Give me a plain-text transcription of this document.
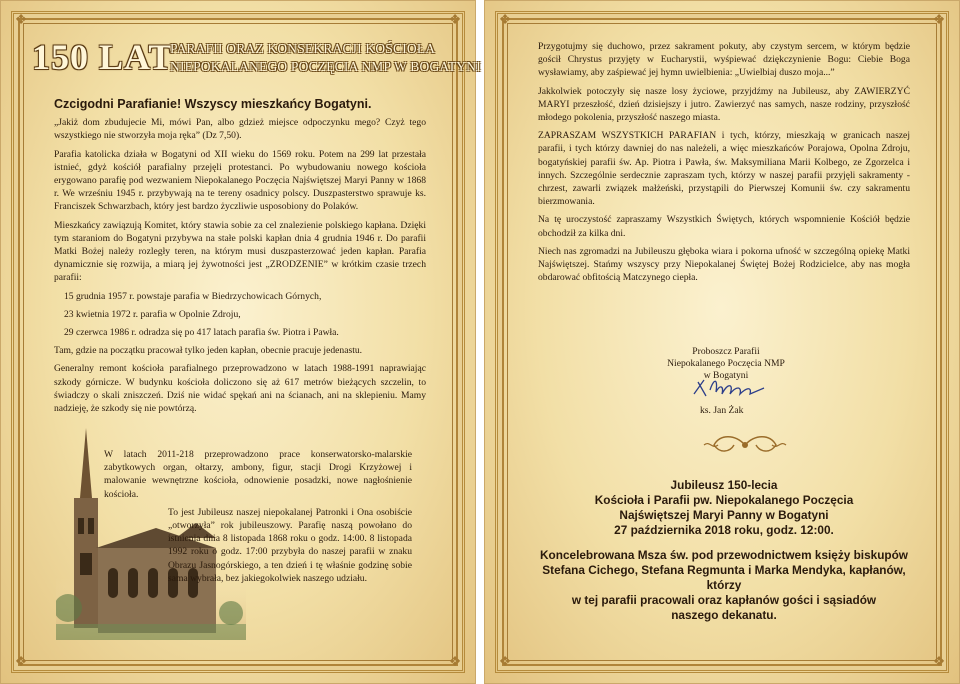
❖	❖
❖	❖
150 LAT
PARAFII ORAZ KONSEKRACJI KOŚCIOŁA
NIEPOKALANEGO POCZĘCIA NMP W BOGATYNI

Czcigodni Parafianie! Wszyscy mieszkańcy Bogatyni.

„Jakiż dom zbudujecie Mi, mówi Pan, albo gdzież miejsce odpoczynku mego? Czyż tego wszystkiego nie stworzyła moja ręka” (Dz 7,50).

Parafia katolicka działa w Bogatyni od XII wieku do 1569 roku. Potem na 299 lat przestała istnieć, gdyż kościół parafialny przejęli protestanci. Po wybudowaniu nowego kościoła erygowano parafię pod wezwaniem Niepokalanego Poczęcia Najświętszej Maryi Panny w 1868 r. We wrześniu 1945 r. przybywają na te tereny osadnicy polscy. Duszpasterstwo sprawuje ks. Franciszek Schwarzbach, który jest bardzo życzliwie usposobiony do Polaków.

Mieszkańcy zawiązują Komitet, który stawia sobie za cel znalezienie polskiego kapłana. Dzięki tym staraniom do Bogatyni przybywa na stałe polski kapłan dnia 4 grudnia 1946 r. Do parafii Matki Bożej należy rozległy teren, na którym musi duszpasterzować jeden kapłan. Parafia dynamicznie się rozwija, a miarą jej żywotności jest „ZRODZENIE” w krótkim czasie trzech parafii:

15 grudnia 1957 r. powstaje parafia w Biedrzychowicach Górnych,

23 kwietnia 1972 r. parafia w Opolnie Zdroju,

29 czerwca 1986 r. odradza się po 417 latach parafia św. Piotra i Pawła.

Tam, gdzie na początku pracował tylko jeden kapłan, obecnie pracuje jedenastu.

Generalny remont kościoła parafialnego przeprowadzono w latach 1988-1991 naprawiając szkody górnicze. W budynku kościoła doliczono się aż 617 metrów bieżących szczelin, to świadczy o skali zniszczeń. Dziś nie widać spękań ani na ścianach, ani na sklepieniu. Mamy nadzieję, że szkody się nie powtórzą.

W latach 2011-218 przeprowadzono prace konserwatorsko-malarskie zabytkowych organ, ołtarzy, ambony, figur, stacji Drogi Krzyżowej i malowanie wewnętrzne kościoła, odnowienie posadzki, nowe nagłośnienie kościoła.

To jest Jubileusz naszej niepokalanej Patronki i Ona osobiście „otworzyła” rok jubileuszowy. Parafię naszą powołano do istnienia dnia 8 listopada 1868 roku o godz. 14:00. 8 listopada 1992 roku o godz. 17:00 przybyła do naszej parafii w znaku Obrazu Jasnogórskiego, a ten dzień i tę właśnie godzinę sobie sama wybrała, bez jakiegokolwiek naszego udziału.

❖	❖
❖	❖

Przygotujmy się duchowo, przez sakrament pokuty, aby czystym sercem, w którym będzie gościł Chrystus przyjęty w Eucharystii, wyśpiewać dziękczynienie Bogu: Ciebie Boga wysławiamy, aby zaśpiewać jej hymn uwielbienia: „Uwielbiaj duszo moja...”

Jakkolwiek potoczyły się nasze losy życiowe, przyjdźmy na Jubileusz, aby ZAWIERZYĆ MARYI przeszłość, dzień dzisiejszy i jutro. Zawierzyć nas samych, nasze rodziny, przyszłość młodego pokolenia, przyszłość naszego miasta.

ZAPRASZAM WSZYSTKICH PARAFIAN i tych, którzy, mieszkają w granicach naszej parafii, i tych którzy dawniej do nas należeli, a więc mieszkańców Porajowa, Opolna Zdroju, bogatyńskiej parafii św. Ap. Piotra i Pawła, św. Maksymiliana Marii Kolbego, ze Zgorzelca i innych. Szczególnie serdecznie zapraszam tych, którzy w naszej parafii przyjęli sakramenty - chrzest, zawarli związek małżeński, przystąpili do Pierwszej Komunii św. czy sakramentu bierzmowania.

Na tę uroczystość zapraszamy Wszystkich Świętych, których wspomnienie Kościół będzie obchodził za kilka dni.

Niech nas zgromadzi na Jubileuszu głęboka wiara i pokorna ufność w szczególną opiekę Matki Najświętszej. Stańmy wszyscy przy Niepokalanej Świętej Bożej Rodzicielce, aby nas mogła obdarować obfitością Matczynego ciepła.

Proboszcz Parafii
Niepokalanego Poczęcia NMP
w Bogatyni
ks. Jan Żak

Jubileusz 150-lecia
Kościoła i Parafii pw. Niepokalanego Poczęcia
Najświętszej Maryi Panny w Bogatyni
27 października 2018 roku, godz. 12:00.

Koncelebrowana Msza św. pod przewodnictwem księży biskupów
Stefana Cichego, Stefana Regmunta i Marka Mendyka, kapłanów, którzy
w tej parafii pracowali oraz kapłanów gości i sąsiadów
naszego dekanatu.
